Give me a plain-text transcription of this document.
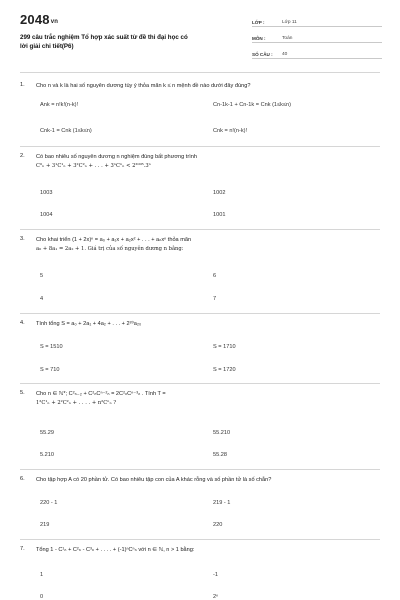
2048vn
299 câu trắc nghiệm Tổ hợp xác suất từ đề thi đại học có
lời giải chi tiết(P6)
LỚP :	Lớp 11
MÔN :	Toán
SỐ CÂU :	40
1. Cho n và k là hai số nguyên dương tùy ý thỏa mãn k ≤ n mệnh đề nào dưới đây đúng?
Ank = n!k!(n-k)!	Cn-1k-1 + Cn-1k = Cnk (1≤k≤n)
Cnk-1 = Cnk (1≤k≤n)	Cnk = n!(n-k)!
2. Có bao nhiêu số nguyên dương n nghiệm đúng bất phương trình
C⁰ₙ + 3¹C¹ₙ + 3²C²ₙ + . . . + 3ⁿCⁿₙ < 2²⁰⁰⁵.3ⁿ
1003	1002
1004	1001
3. Cho khai triển (1 + 2x)ⁿ = a₀ + a₁x + a₂x² + . . . + aₙxⁿ thỏa mãn
a₀ + 8a₁ = 2a₂ + 1. Giá trị của số nguyên dương n bằng:
5	6
4	7
4. Tính tổng S = a₀ + 2a₁ + 4a₂ + . . . + 2²⁰a₂₀
S = 1510	S = 1710
S = 710	S = 1720
5. Cho n ∈ ℕ*; C²ₙ₋₂ + C²ₙCⁿ⁻²ₙ = 2C²ₙCⁿ⁻³ₙ . Tính T =
1²C¹ₙ + 2²C²ₙ + . . . . + n²Cⁿₙ ?
55.29	55.210
5.210	55.28
6. Cho tập hợp A có 20 phần tử. Có bao nhiêu tập con của A khác rỗng và số phần tử là số chẵn?
220 - 1	219 - 1
219	220
7. Tổng 1 - C¹ₙ + C²ₙ - C³ₙ + . . . . + (-1)ⁿCⁿₙ với n ∈ ℕ, n > 1 bằng:
1	-1
0	2ⁿ
